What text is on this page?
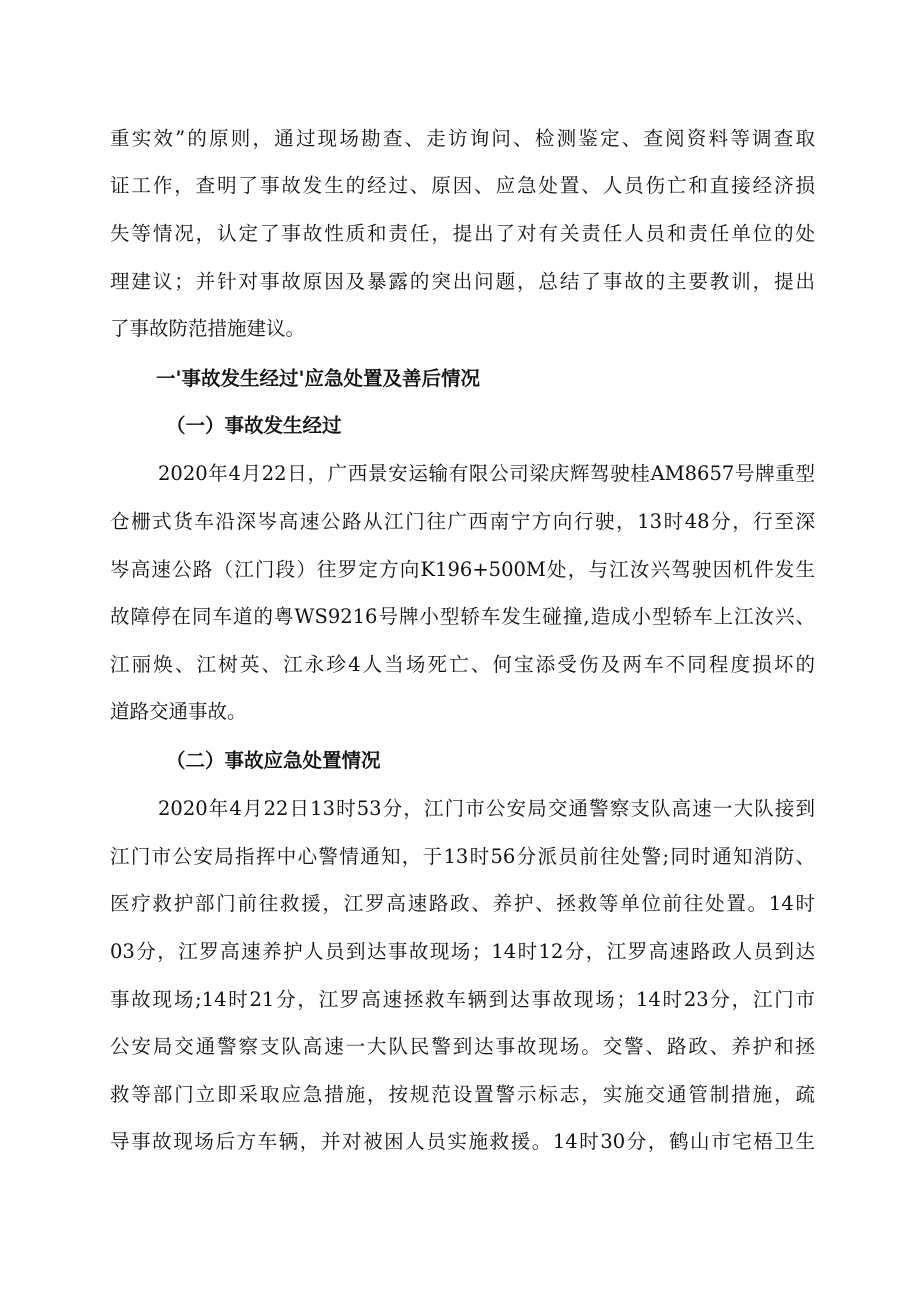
重实效”的原则，通过现场勘查、走访询问、检测鉴定、查阅资料等调查取
证工作，查明了事故发生的经过、原因、应急处置、人员伤亡和直接经济损
失等情况，认定了事故性质和责任，提出了对有关责任人员和责任单位的处
理建议；并针对事故原因及暴露的突出问题，总结了事故的主要教训，提出
了事故防范措施建议。
一'事故发生经过'应急处置及善后情况
（一）事故发生经过
2020年4月22日，广西景安运输有限公司梁庆辉驾驶桂AM8657号牌重型
仓栅式货车沿深岑高速公路从江门往广西南宁方向行驶，13时48分，行至深
岑高速公路（江门段）往罗定方向K196+500M处，与江汝兴驾驶因机件发生
故障停在同车道的粤WS9216号牌小型轿车发生碰撞,造成小型轿车上江汝兴、
江丽焕、江树英、江永珍4人当场死亡、何宝添受伤及两车不同程度损坏的
道路交通事故。
（二）事故应急处置情况
2020年4月22日13时53分，江门市公安局交通警察支队高速一大队接到
江门市公安局指挥中心警情通知，于13时56分派员前往处警;同时通知消防、
医疗救护部门前往救援，江罗高速路政、养护、拯救等单位前往处置。14时
03分，江罗高速养护人员到达事故现场；14时12分，江罗高速路政人员到达
事故现场;14时21分，江罗高速拯救车辆到达事故现场；14时23分，江门市
公安局交通警察支队高速一大队民警到达事故现场。交警、路政、养护和拯
救等部门立即采取应急措施，按规范设置警示标志，实施交通管制措施，疏
导事故现场后方车辆，并对被困人员实施救援。14时30分，鹤山市宅梧卫生
